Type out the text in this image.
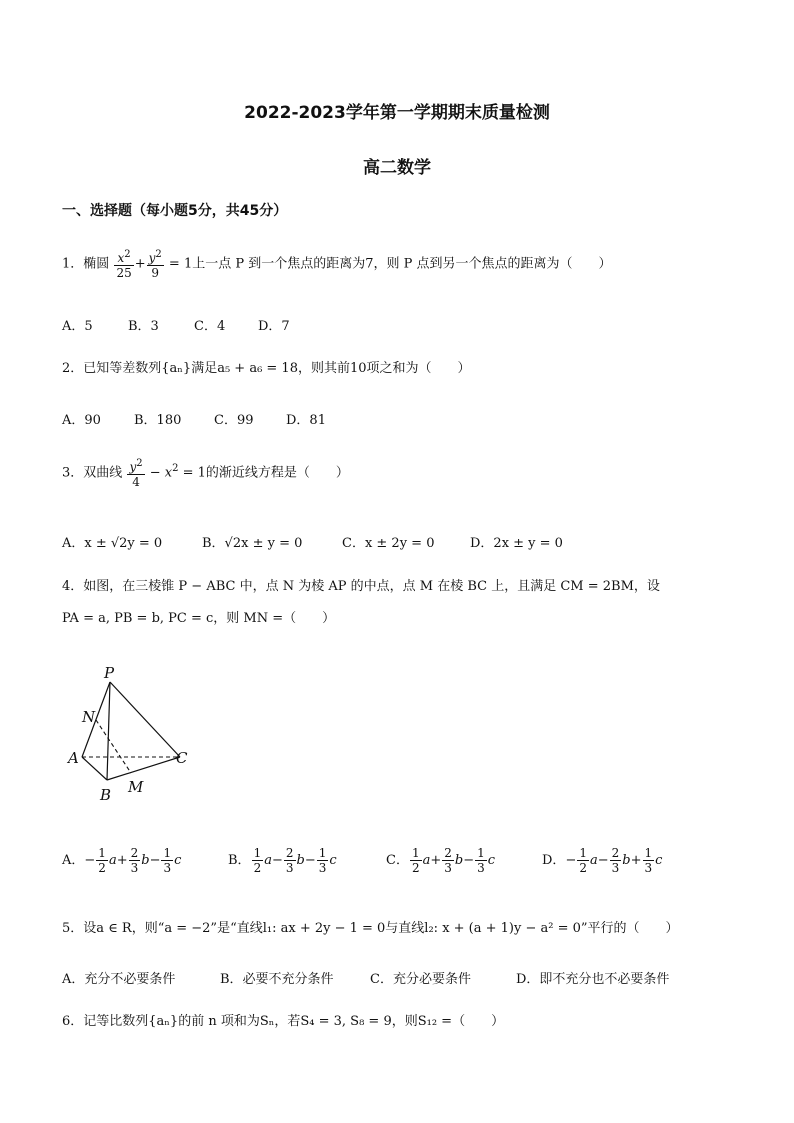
2022-2023学年第一学期期末质量检测
高二数学
一、选择题（每小题5分，共45分）
1．椭圆 $\frac{x^2}{25} + \frac{y^2}{9} = 1$上一点 P 到一个焦点的距离为7，则 P 点到另一个焦点的距离为（　　）
A．5	B．3	C．4	D．7
2．已知等差数列{aₙ}满足a₅ + a₆ = 18，则其前10项之和为（　　）
A．90	B．180	C．99	D．81
3．双曲线 $\frac{y^2}{4} - x^2 = 1$的渐近线方程是（　　）
A．x ± √2y = 0	B．√2x ± y = 0	C．x ± 2y = 0	D．2x ± y = 0
4．如图，在三棱锥 P − ABC 中，点 N 为棱 AP 的中点，点 M 在棱 BC 上，且满足 CM = 2BM，设
PA = a, PB = b, PC = c，则 MN =（　　）
P
N
A	C
B M
A．− $\frac{1}{2} a+ \frac{2}{3} b- \frac{1}{3}$ c	B． $\frac{1}{2} a- \frac{2}{3} b- \frac{1}{3}$ c	C． $\frac{1}{2} a+ \frac{2}{3} b- \frac{1}{3}$ c	D．− $\frac{1}{2} a- \frac{2}{3} b+ \frac{1}{3}$ c
5．设a ∈ R，则“a = −2”是“直线l₁: ax + 2y − 1 = 0与直线l₂: x + (a + 1)y − a² = 0”平行的（　　）
A．充分不必要条件	B．必要不充分条件	C．充分必要条件	D．即不充分也不必要条件
6．记等比数列{aₙ}的前 n 项和为Sₙ，若S₄ = 3, S₈ = 9，则S₁₂ =（　　）
